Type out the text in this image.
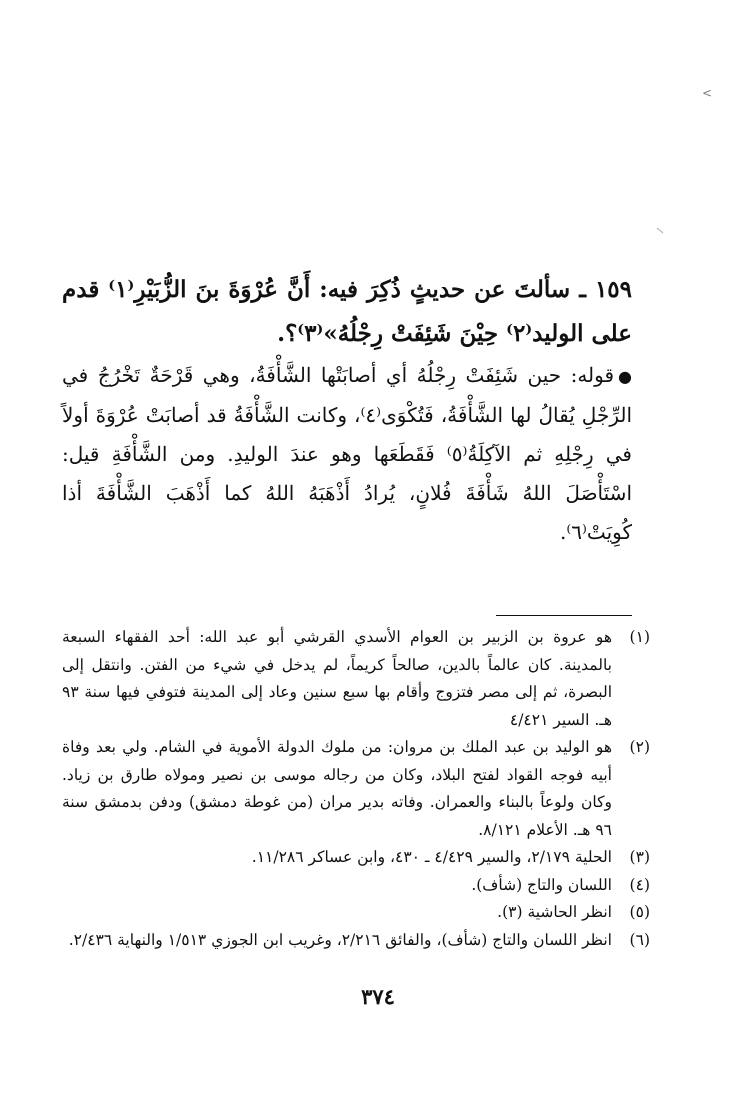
<
١٥٩ ـ سألتَ عن حديثٍ ذُكِرَ فيه: أَنَّ عُرْوَةَ بنَ الزُّبَيْرِ⁽١⁾ قدم على الوليد⁽٢⁾ حِيْنَ شَئِفَتْ رِجْلُهُ»⁽٣⁾؟.
●قوله: حين شَئِفَتْ رِجْلُهُ أي أصابَتْها الشَّأْفَةُ، وهي قَرْحَةٌ تَخْرُجُ في الرِّجْلِ يُقالُ لها الشَّأْفَةُ، فَتُكْوَى⁽٤⁾، وكانت الشَّأْفَةُ قد أصابَتْ عُرْوَةَ أولاً في رِجْلِهِ ثم الآكِلَةُ⁽٥⁾ فَقَطَعَها وهو عندَ الوليدِ. ومن الشَّأْفَةِ قيل: اسْتَأْصَلَ اللهُ شَأْفَةَ فُلانٍ، يُرادُ أَذْهَبَهُ اللهُ كما أَذْهَبَ الشَّأْفَةَ أذا كُوِيَتْ⁽٦⁾.

(١)
هو عروة بن الزبير بن العوام الأسدي القرشي أبو عبد الله: أحد الفقهاء السبعة بالمدينة. كان عالماً بالدين، صالحاً كريماً، لم يدخل في شيء من الفتن. وانتقل إلى البصرة، ثم إلى مصر فتزوج وأقام بها سبع سنين وعاد إلى المدينة فتوفي فيها سنة ٩٣ هـ. السير ٤/٤٢١

(٢)
هو الوليد بن عبد الملك بن مروان: من ملوك الدولة الأموية في الشام. ولي بعد وفاة أبيه فوجه القواد لفتح البلاد، وكان من رجاله موسى بن نصير ومولاه طارق بن زياد. وكان ولوعاً بالبناء والعمران. وفاته بدير مران (من غوطة دمشق) ودفن بدمشق سنة ٩٦ هـ. الأعلام ٨/١٢١.

(٣)
الحلية ٢/١٧٩، والسير ٤/٤٢٩ ـ ٤٣٠، وابن عساكر ١١/٢٨٦.

(٤)
اللسان والتاج (شأف).

(٥)
انظر الحاشية (٣).

(٦)
انظر اللسان والتاج (شأف)، والفائق ٢/٢١٦، وغريب ابن الجوزي ١/٥١٣ والنهاية ٢/٤٣٦.

٣٧٤
